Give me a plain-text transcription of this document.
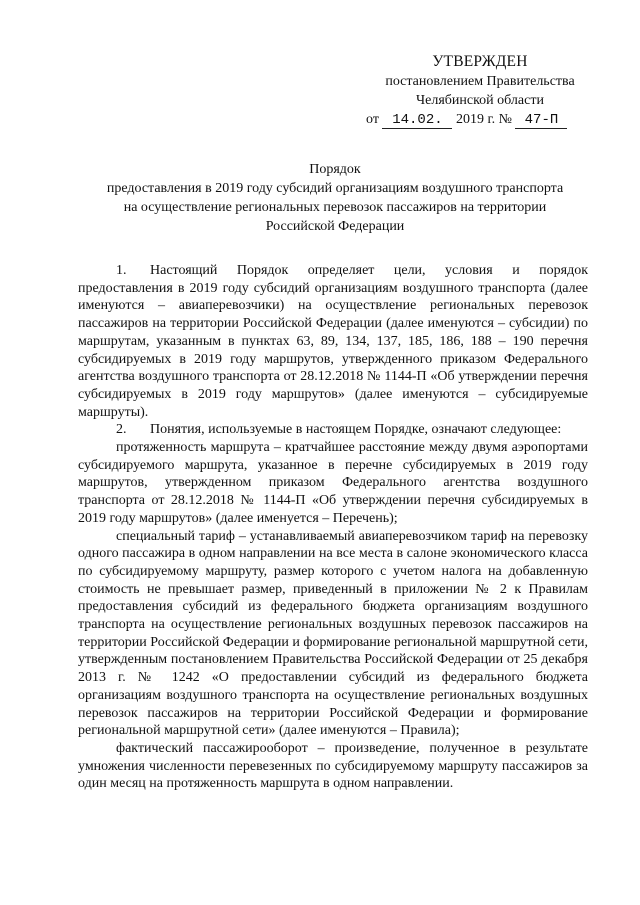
УТВЕРЖДЕН
постановлением Правительства
Челябинской области
от 14.02. 2019 г. № 47-П
Порядок
предоставления в 2019 году субсидий организациям воздушного транспорта
на осуществление региональных перевозок пассажиров на территории
Российской Федерации

1. Настоящий Порядок определяет цели, условия и порядок предоставления в 2019 году субсидий организациям воздушного транспорта (далее именуются – авиаперевозчики) на осуществление региональных перевозок пассажиров на территории Российской Федерации (далее именуются – субсидии) по маршрутам, указанным в пунктах 63, 89, 134, 137, 185, 186, 188 – 190 перечня субсидируемых в 2019 году маршрутов, утвержденного приказом Федерального агентства воздушного транспорта от 28.12.2018 № 1144-П «Об утверждении перечня субсидируемых в 2019 году маршрутов» (далее именуются – субсидируемые маршруты).

2. Понятия, используемые в настоящем Порядке, означают следующее:

протяженность маршрута – кратчайшее расстояние между двумя аэропортами субсидируемого маршрута, указанное в перечне субсидируемых в 2019 году маршрутов, утвержденном приказом Федерального агентства воздушного транспорта от 28.12.2018 № 1144-П «Об утверждении перечня субсидируемых в 2019 году маршрутов» (далее именуется – Перечень);

специальный тариф – устанавливаемый авиаперевозчиком тариф на перевозку одного пассажира в одном направлении на все места в салоне экономического класса по субсидируемому маршруту, размер которого с учетом налога на добавленную стоимость не превышает размер, приведенный в приложении № 2 к Правилам предоставления субсидий из федерального бюджета организациям воздушного транспорта на осуществление региональных воздушных перевозок пассажиров на территории Российской Федерации и формирование региональной маршрутной сети, утвержденным постановлением Правительства Российской Федерации от 25 декабря 2013 г. № 1242 «О предоставлении субсидий из федерального бюджета организациям воздушного транспорта на осуществление региональных воздушных перевозок пассажиров на территории Российской Федерации и формирование региональной маршрутной сети» (далее именуются – Правила);

фактический пассажирооборот – произведение, полученное в результате умножения численности перевезенных по субсидируемому маршруту пассажиров за один месяц на протяженность маршрута в одном направлении.
